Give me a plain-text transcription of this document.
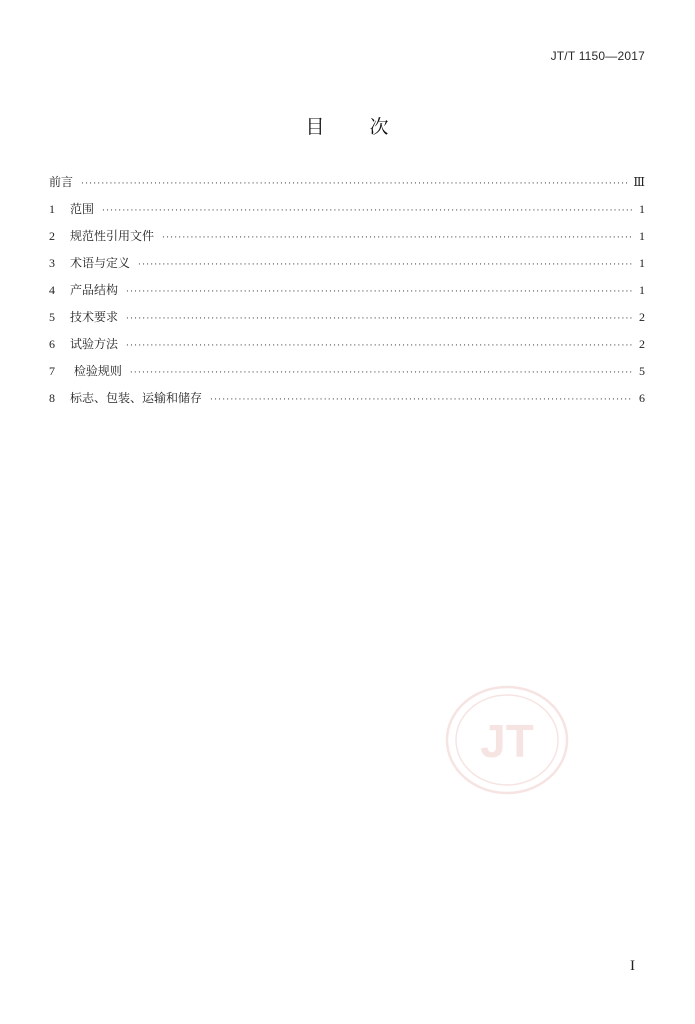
JT/T 1150—2017
目 次
前言 ·····	Ⅲ
1	范围 ·····	1
2	规范性引用文件 ·····	1
3	术语与定义 ·····	1
4	产品结构 ·····	1
5	技术要求 ·····	2
6	试验方法 ·····	2
7	检验规则 ·····	5
8	标志、包装、运输和储存 ·····	6
JT
I
